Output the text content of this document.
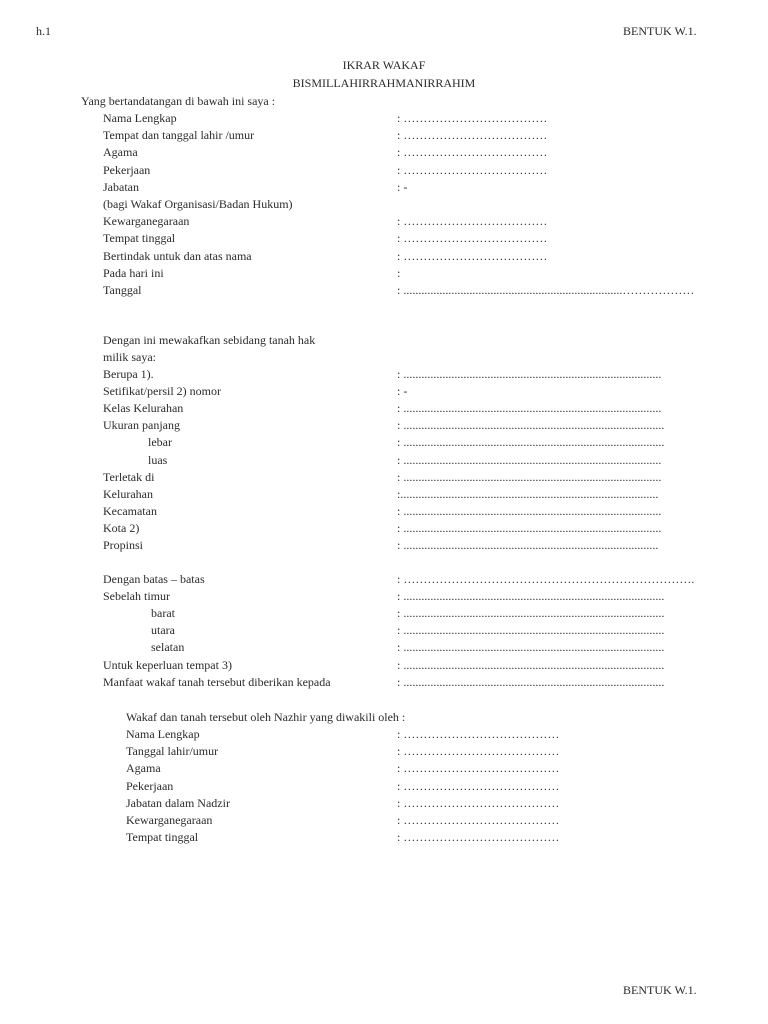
h.1	BENTUK W.1.
IKRAR WAKAF
BISMILLAHIRRAHMANIRRAHIM
Yang bertandatangan di bawah ini saya :
Nama Lengkap	: ………………………………
Tempat dan tanggal lahir /umur	: ………………………………
Agama	: ………………………………
Pekerjaan	: ………………………………
Jabatan	: -
(bagi Wakaf Organisasi/Badan Hukum)
Kewarganegaraan	: ………………………………
Tempat tinggal	: ………………………………
Bertindak untuk dan atas nama	: ………………………………
Pada hari ini	:
Tanggal	: .........................................................................………………
Dengan ini mewakafkan sebidang tanah hak
milik saya:
Berupa 1).	: ......................................................................................
Setifikat/persil 2) nomor	: -
Kelas Kelurahan	: ......................................................................................
Ukuran panjang	: .......................................................................................
lebar	: .......................................................................................
luas	: ......................................................................................
Terletak di	: ......................................................................................
Kelurahan	:......................................................................................
Kecamatan	: ......................................................................................
Kota 2)	: ......................................................................................
Propinsi	: .....................................................................................
Dengan batas – batas	: ……………………………………………………………….
Sebelah timur	: .......................................................................................
barat	: .......................................................................................
utara	: .......................................................................................
selatan	: .......................................................................................
Untuk keperluan tempat 3)	: .......................................................................................
Manfaat wakaf tanah tersebut diberikan kepada	: .......................................................................................
Wakaf dan tanah tersebut oleh Nazhir yang diwakili oleh :
Nama Lengkap	: …………………………………
Tanggal lahir/umur	: …………………………………
Agama	: …………………………………
Pekerjaan	: …………………………………
Jabatan dalam Nadzir	: …………………………………
Kewarganegaraan	: …………………………………
Tempat tinggal	: …………………………………
BENTUK W.1.
